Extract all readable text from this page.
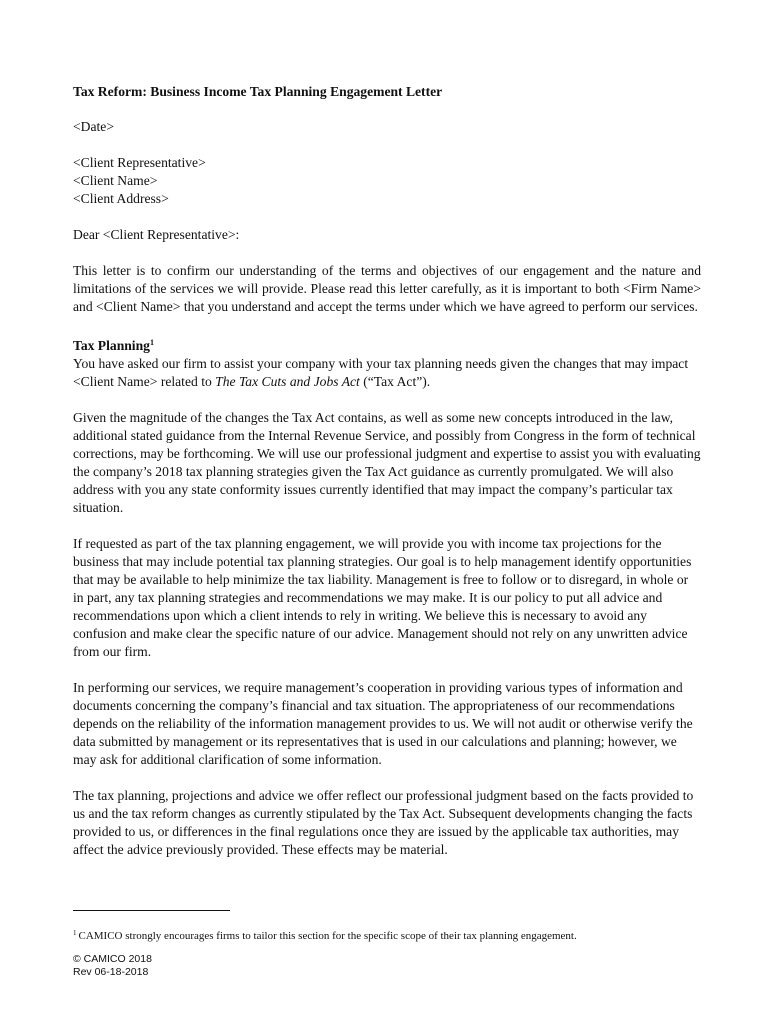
Tax Reform: Business Income Tax Planning Engagement Letter

<Date>

<Client Representative>

<Client Name>

<Client Address>

Dear <Client Representative>:

This letter is to confirm our understanding of the terms and objectives of our engagement and the nature and limitations of the services we will provide. Please read this letter carefully, as it is important to both <Firm Name> and <Client Name> that you understand and accept the terms under which we have agreed to perform our services.

Tax Planning$^1$

You have asked our firm to assist your company with your tax planning needs given the changes that may impact <Client Name> related to The Tax Cuts and Jobs Act (“Tax Act”).

Given the magnitude of the changes the Tax Act contains, as well as some new concepts introduced in the law, additional stated guidance from the Internal Revenue Service, and possibly from Congress in the form of technical corrections, may be forthcoming. We will use our professional judgment and expertise to assist you with evaluating the company’s 2018 tax planning strategies given the Tax Act guidance as currently promulgated. We will also address with you any state conformity issues currently identified that may impact the company’s particular tax situation.

If requested as part of the tax planning engagement, we will provide you with income tax projections for the business that may include potential tax planning strategies. Our goal is to help management identify opportunities that may be available to help minimize the tax liability. Management is free to follow or to disregard, in whole or in part, any tax planning strategies and recommendations we may make. It is our policy to put all advice and recommendations upon which a client intends to rely in writing. We believe this is necessary to avoid any confusion and make clear the specific nature of our advice. Management should not rely on any unwritten advice from our firm.

In performing our services, we require management’s cooperation in providing various types of information and documents concerning the company’s financial and tax situation. The appropriateness of our recommendations depends on the reliability of the information management provides to us. We will not audit or otherwise verify the data submitted by management or its representatives that is used in our calculations and planning; however, we may ask for additional clarification of some information.

The tax planning, projections and advice we offer reflect our professional judgment based on the facts provided to us and the tax reform changes as currently stipulated by the Tax Act. Subsequent developments changing the facts provided to us, or differences in the final regulations once they are issued by the applicable tax authorities, may affect the advice previously provided. These effects may be material.

$^1$ CAMICO strongly encourages firms to tailor this section for the specific scope of their tax planning engagement.

© CAMICO 2018
Rev 06-18-2018
